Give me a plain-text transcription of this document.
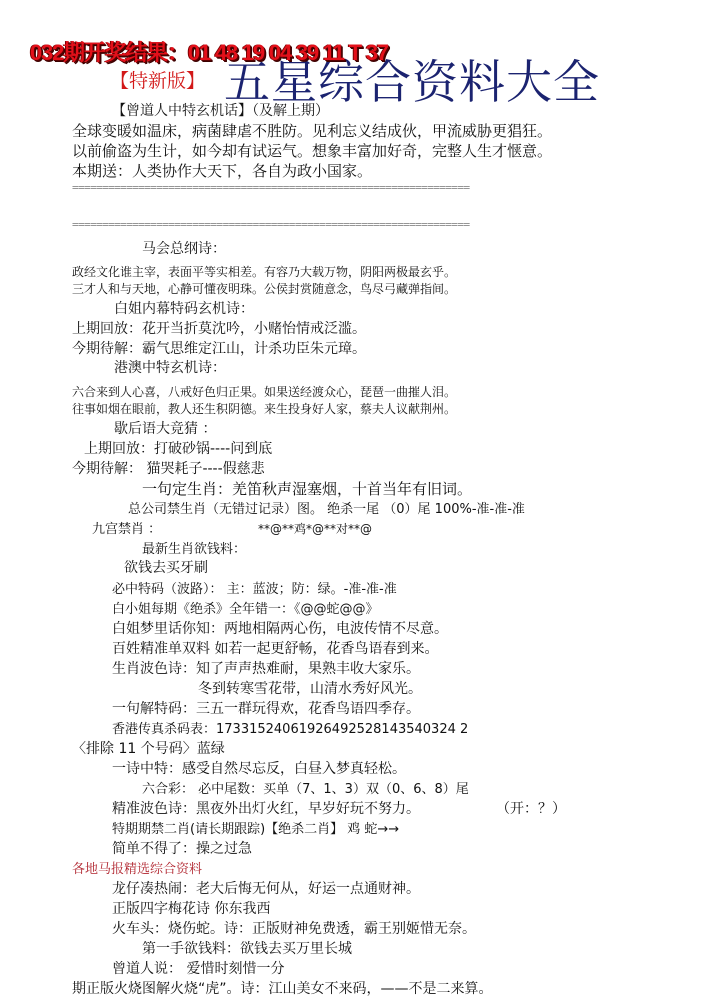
032期开奖结果：01 48 19 04 39 11 T 37
【特新版】 五星综合资料大全
【曾道人中特玄机话】（及解上期）
全球变暖如温床，病菌肆虐不胜防。见利忘义结成伙，甲流威胁更猖狂。
以前偷盗为生计，如今却有试运气。想象丰富加好奇，完整人生才惬意。
本期送：人类协作大天下，各自为政小国家。
==================================================================
==================================================================
马会总纲诗：
政经文化谁主宰，表面平等实相差。有容乃大载万物，阴阳两极最玄乎。
三才人和与天地，心静可懂夜明珠。公侯封赏随意念，鸟尽弓藏弹指间。
白姐内幕特码玄机诗：
上期回放：花开当折莫沈吟，小赌怡情戒泛滥。
今期待解：霸气思维定江山，计杀功臣朱元璋。
港澳中特玄机诗：
六合来到人心喜，八戒好色归正果。如果送经渡众心，琵琶一曲摧人泪。
往事如烟在眼前，教人还生积阴德。来生投身好人家，蔡夫人议献荆州。
歇后语大竞猜 ：
上期回放：打破砂锅----问到底
今期待解： 猫哭耗子----假慈悲
一句定生肖：羌笛秋声湿塞烟，十首当年有旧词。
总公司禁生肖（无错过记录）图。 绝杀一尾 （0）尾 100%-准-准-准
九宫禁肖 ：	**@**鸡*@**对**@
最新生肖欲钱料：
欲钱去买牙刷
必中特码（波路）： 主：蓝波；防：绿。-准-准-准
白小姐每期《绝杀》全年错一：《@@蛇@@》
白姐梦里话你知：两地相隔两心伤，电波传情不尽意。
百姓精准单双料 如若一起更舒畅，花香鸟语春到来。
生肖波色诗：知了声声热难耐，果熟丰收大家乐。
冬到转寒雪花带，山清水秀好风光。
一句解特码：三五一群玩得欢，花香鸟语四季存。
香港传真杀码表：17331524061926492528143540324 2
〈排除 11 个号码〉蓝绿
一诗中特：感受自然尽忘反，白昼入梦真轻松。
六合彩： 必中尾数：买单（7、1、3）双（0、6、8）尾
精准波色诗：黑夜外出灯火红，早岁好玩不努力。	（开：？）
特期期禁二肖(请长期跟踪)【绝杀二肖】 鸡 蛇→→
简单不得了：操之过急
各地马报精选综合资料
龙仔凑热闹：老大后悔无何从，好运一点通财神。
正版四字梅花诗 你东我西
火车头：烧伤蛇。诗：正版财神免费透，霸王别姬惜无奈。
第一手欲钱料：欲钱去买万里长城
曾道人说： 爱惜时刻惜一分
期正版火烧图解火烧“虎”。诗：江山美女不来码，——不是二来算。
